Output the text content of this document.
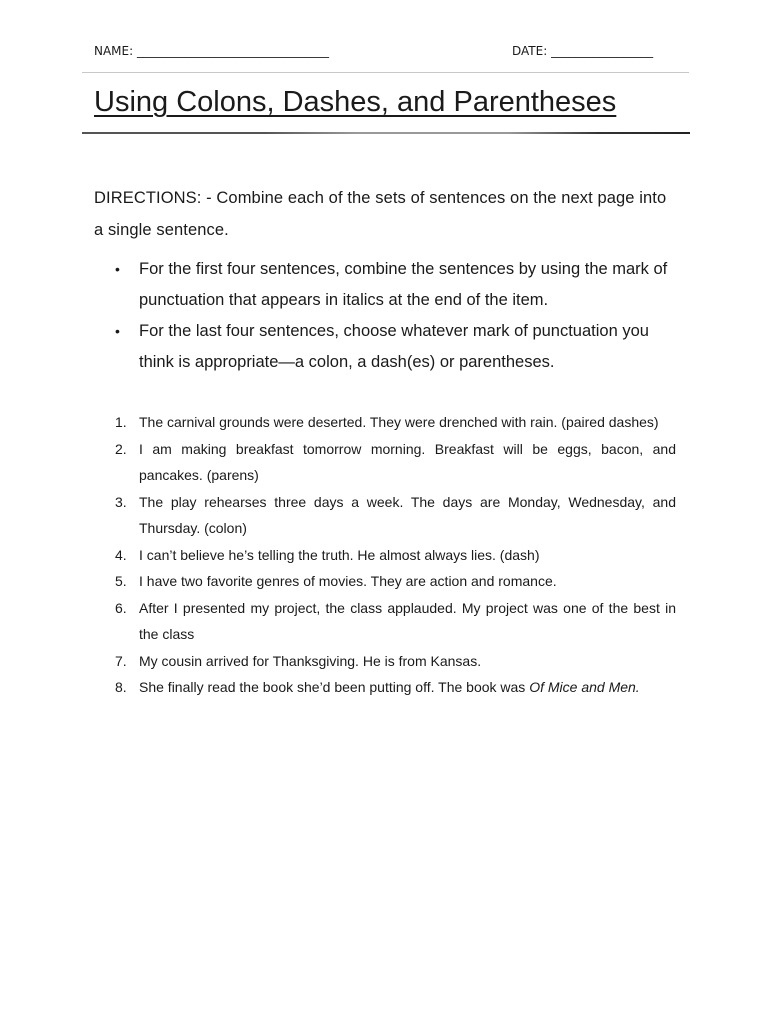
NAME: ________________________________	DATE: _________________
Using Colons, Dashes, and Parentheses
DIRECTIONS: - Combine each of the sets of sentences on the next page into a single sentence.
• For the first four sentences, combine the sentences by using the mark of punctuation that appears in italics at the end of the item.
• For the last four sentences, choose whatever mark of punctuation you think is appropriate—a colon, a dash(es) or parentheses.
1. The carnival grounds were deserted. They were drenched with rain. (paired dashes)
2. I am making breakfast tomorrow morning. Breakfast will be eggs, bacon, and pancakes. (parens)
3. The play rehearses three days a week. The days are Monday, Wednesday, and Thursday. (colon)
4. I can’t believe he’s telling the truth. He almost always lies. (dash)
5. I have two favorite genres of movies. They are action and romance.
6. After I presented my project, the class applauded. My project was one of the best in the class
7. My cousin arrived for Thanksgiving. He is from Kansas.
8. She finally read the book she’d been putting off. The book was Of Mice and Men.
